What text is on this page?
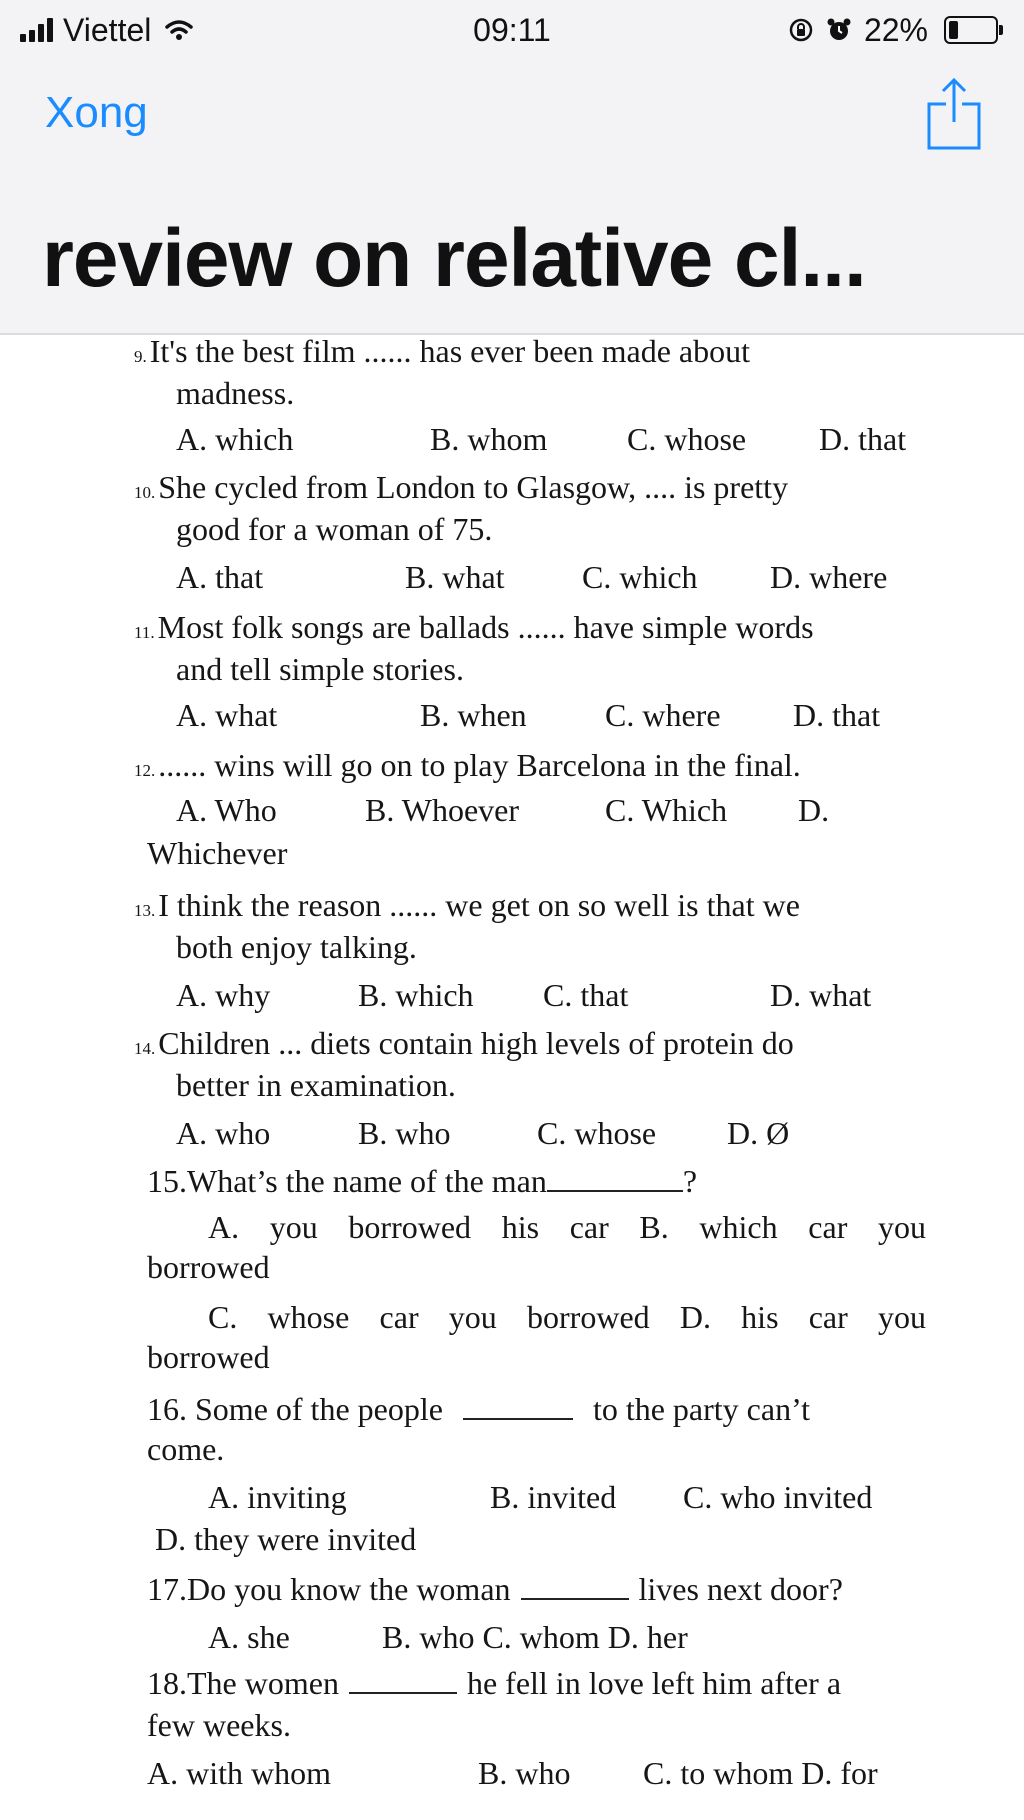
Viettel	09:11	22%
Xong
review on relative cl...
9.It's the best film ...... has ever been made about
madness.
A. which	B. whom C. whose D. that
10.She cycled from London to Glasgow, .... is pretty
good for a woman of 75.
A. that	B. what C. which D. where
11.Most folk songs are ballads ...... have simple words
and tell simple stories.
A. what	B. when C. where D. that
12....... wins will go on to play Barcelona in the final.
A. Who	B. Whoever	C. Which D.
Whichever
13.I think the reason ...... we get on so well is that we
both enjoy talking.
A. why	B. which C. that	D. what
14.Children ... diets contain high levels of protein do
better in examination.
A. who	B. who	C. whose D. Ø
15.What’s the name of the man	?
A. you borrowed his car B. which car you
borrowed
C. whose car you borrowed D. his car you
borrowed
16. Some of the people	to the party can’t
come.
A. inviting	B. invited C. who invited
D. they were invited
17.Do you know the woman	lives next door?
A. she	B. who C. whom D. her
18.The women	he fell in love left him after a
few weeks.
A. with whom	B. who C. to whom D. for
